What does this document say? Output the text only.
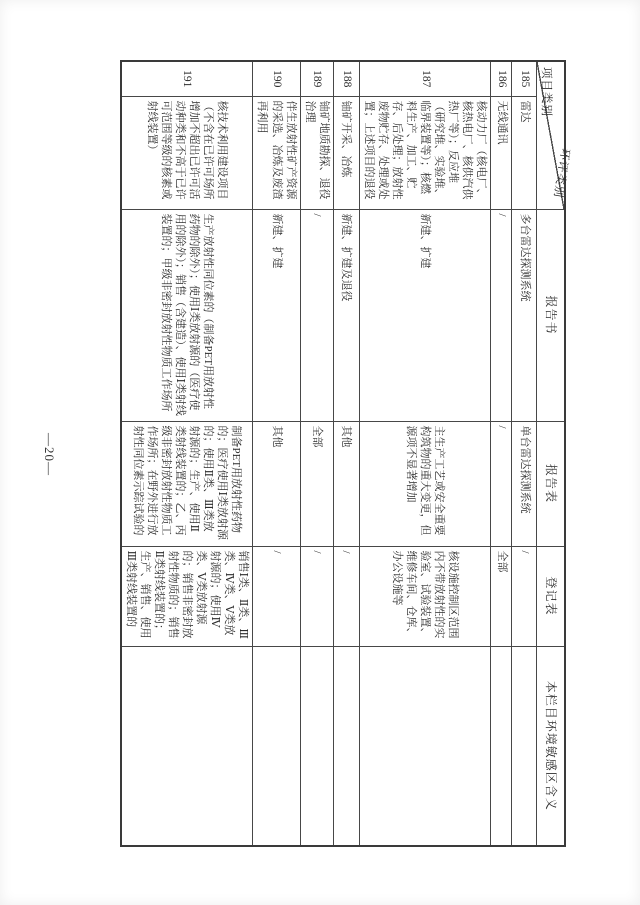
—20—
环评类别
项目类别		报告书	报告表	登记表	本栏目环境敏感区含义
185	雷达	多台雷达探测系统	单台雷达探测系统	/	
186	无线通讯	/	/	全部	
187	核动力厂（核电厂、核热电厂、核供汽供热厂等）；反应堆（研究堆、实验堆、临界装置等）；核燃料生产、加工、贮存、后处理；放射性废物贮存、处理或处置；上述项目的退役	新建、扩建	主生产工艺或安全重要构筑物的重大变更，但源项不显著增加	核设施控制区范围内不带放射性的实验室、试验装置、维修车间、仓库、办公设施等	
188	铀矿开采、冶炼	新建、扩建及退役	其他	/	
189	铀矿地质勘探、退役治理	/	全部	/	
190	伴生放射性矿产资源的采选、冶炼及废渣再利用	新建、扩建	其他	/	
191	核技术利用建设项目（不含在已许可场所增加不超出已许可活动种类和不高于已许可范围等级的核素或射线装置）	生产放射性同位素的（制备PET用放射性药物的除外）；使用Ⅰ类放射源的（医疗使用的除外）；销售（含建造）、使用Ⅰ类射线装置的；甲级非密封放射性物质工作场所	制备PET用放射性药物的；医疗使用Ⅰ类放射源的；使用Ⅱ类、Ⅲ类放射源的；生产、使用Ⅱ类射线装置的；乙、丙级非密封放射性物质工作场所；在野外进行放射性同位素示踪试验的	销售Ⅰ类、Ⅱ类、Ⅲ类、Ⅳ类、Ⅴ类放射源的；使用Ⅳ类、Ⅴ类放射源的；销售非密封放射性物质的；销售Ⅱ类射线装置的；生产、销售、使用Ⅲ类射线装置的	
